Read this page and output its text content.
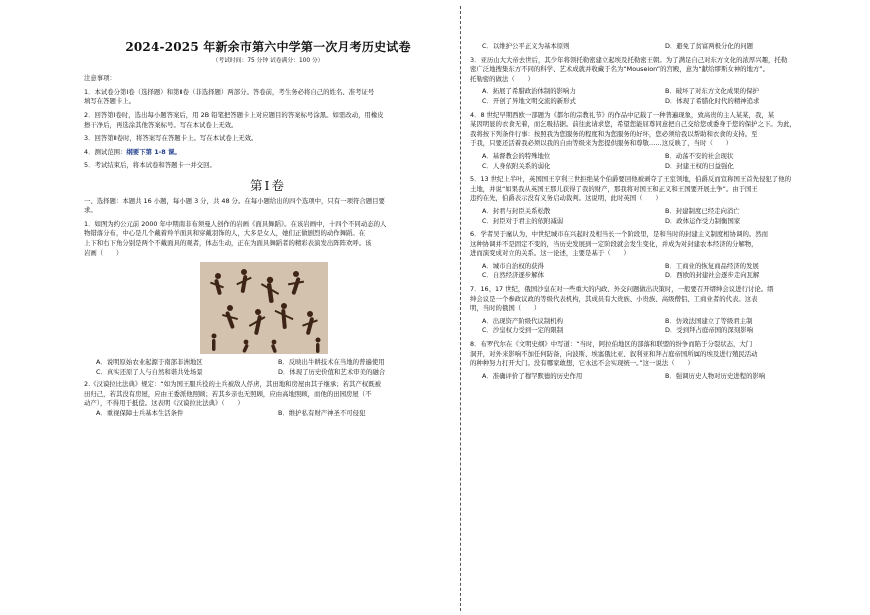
2024-2025 年新余市第六中学第一次月考历史试卷
（考试时间：75 分钟 试卷满分：100 分）

注意事项：

1．本试卷分第Ⅰ卷（选择题）和第Ⅱ卷（非选择题）两部分。答卷前，考生务必将自己的姓名、准考证号

填写在答题卡上。

2．回答第Ⅰ卷时，选出每小题答案后，用 2B 铅笔把答题卡上对应题目的答案标号涂黑。如需改动，用橡皮

擦干净后，再选涂其他答案标号。写在本试卷上无效。

3．回答第Ⅱ卷时，将答案写在答题卡上。写在本试卷上无效。

4．测试范围：纲要下第 1-8 课。

5．考试结束后，将本试卷和答题卡一并交回。

第Ⅰ卷

一、选择题：本题共 16 小题，每小题 3 分，共 48 分。在每小题给出的四个选项中，只有一项符合题目要

求。

1．如图为约公元前 2000 年中期南非布须曼人创作的岩画《面具舞蹈》。在该岩画中，十四个不同动态的人

物错落分布，中心是几个戴着羚羊面具和穿戴羽饰的人，大多是女人，她们正做剧烈的动作舞蹈。在

上下和右下角分别是两个不戴面具的观者，体态生动，正在为面具舞蹈者的精彩表演发出阵阵欢呼。该

岩画（　　）

A．说明原始农业起源于南部非洲地区	B．反映出牛耕技术在当地的普遍使用
C．真实还原了人与自然和谐共处场景	D．体现了历史价值和艺术审美的融合

2.《汉谟拉比法典》规定：“如为国王服兵役的士兵被敌人俘虏，其田地和房屋由其子继承；若其产权既被

田归己，若其没有房屋，应由王委派他照顾；若其乡亲也无照顾，应由高地照顾，而他的田园房屋（不

动产），不得用于抵偿。这表明《汉谟拉比法典》（　　）

A．重视保障士兵基本生活条件	B．维护私有财产神圣不可侵犯
C．以维护公平正义为基本原则	D．避免了贫富两极分化的问题

3．亚历山大大帝去世后，其少年将领托勒密建立起埃及托勒密王朝。为了满足自己对东方文化的浓厚兴趣，托勒

密广泛地搜集东方不同的科学、艺术成就并收藏于名为“Mouseion”的宫殿，意为“献给缪斯女神的地方”。

托勒密的做法（　　）

A．拓展了希腊政治体制的影响力	B．破坏了对东方文化成果的保护
C．开创了异地文明交流的新形式	D．体现了希腊化时代的精神追求

4．8 世纪早期西欧一部题为《都尔的宗教礼节》的作品中记载了一种普遍现象，致高贵的主人某某，我，某

某因明显的衣食无着，而乞吸拮据。前往此请求您，希望您能屈尊同意把自己交给您或委身于您的保护之下。为此，

我将按下列条件行事：按照我为您服务的程度和为您服务的好坏，您必须给我以帮助和衣食的支持。至

于我，只要还活着我必须以我的自由等级来为您提供服务和尊敬……这反映了，当时（　　）

A．基督教会的特殊地位	B．动荡不安的社会现状
C．人身依附关系的弱化	D．封建王权的日益强化

5．13 世纪上半叶，英国国王亨利三世拒绝某个伯爵要回他被剥夺了王室领地，伯爵反而宣称国王首先侵犯了他的

土地，并说“如果我从英国王那儿获得了我的财产，那我将对国王和正义和王国要开展土争”。由于国王

违约在先，伯爵表示没有义务启动裁判。这说明，此时英国（　　）

A．封君与封臣关系松散	B．封建制度已经走向消亡
C．封臣对于君主的依附减弱	D．政体运作受力制衡国家

6．学者吴于廑认为，中世纪城市在兴起时及相当长一个阶段里，是和当时的封建主义制度相协调的。然而

这种协调并不是固定不变的，当历史发展到一定阶段就会发生变化，并成为对封建农本经济的分解物，

进而演变成对立的关系。这一论述，主要是基于（　　）

A．城市自治权的获得	B．工商业的恢复商品经济的发展
C．自然经济逐步解体	D．西欧的封建社会逐步走向瓦解

7．16、17 世纪，俄国沙皇在对一些重大的内政、外交问题做出决策时，一般要召开缙绅会议进行讨论。缙

绅会议是一个参政议政的等级代表机构，其成员有大贵族、小贵族、高级僧侣、工商业者的代表。这表

明，当时的俄国（　　）

A．出现资产阶级代议制机构	B．仿效法国建立了等级君主制
C．沙皇权力受到一定的限制	D．受到拜占庭帝国的深刻影响

8．布罗代尔在《文明史纲》中写道：“当时，阿拉伯地区的部落和联盟的纷争而陷于分裂状态，大门

洞开，对外来影响不加任何防备，向波斯、埃塞俄比亚、叙利亚和拜占庭帝国所属的埃及进行殖民活动

的种种努力打开大门。没有哪家敢想，它永远不会实现统一。”这一说法（　　）

A．准确评价了穆罕默德的历史作用	B．强调历史人物对历史进程的影响
